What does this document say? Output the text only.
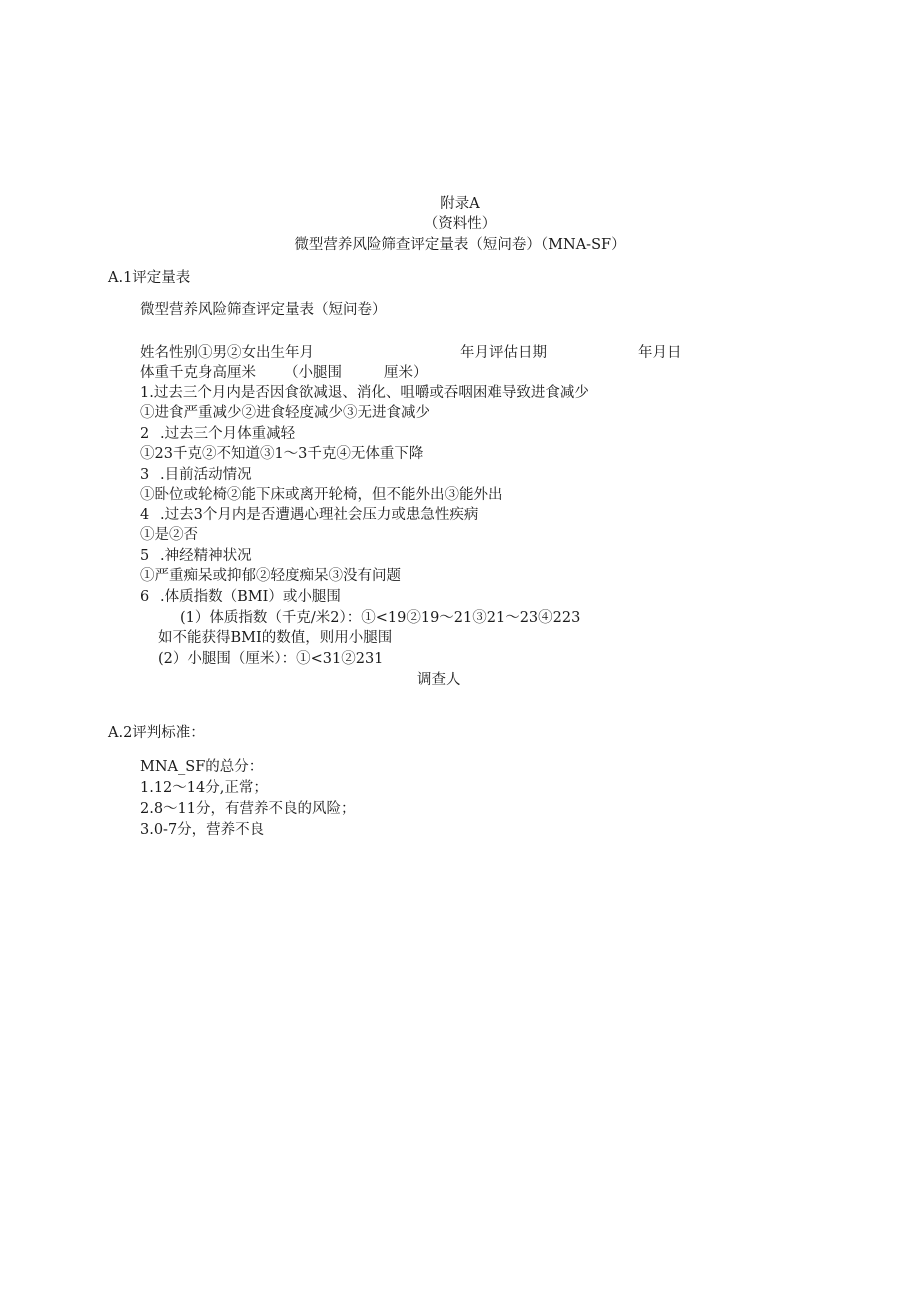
附录A
（资料性）
微型营养风险筛查评定量表（短问卷）（MNA-SF）
A.1评定量表
微型营养风险筛查评定量表（短问卷）
姓名性别①男②女出生年月	年月评估日期	年月日
体重千克身高厘米 （小腿围	厘米）
1.过去三个月内是否因食欲减退、消化、咀嚼或吞咽困难导致进食减少
①进食严重减少②进食轻度减少③无进食减少
2 .过去三个月体重减轻
①23千克②不知道③1〜3千克④无体重下降
3 .目前活动情况
①卧位或轮椅②能下床或离开轮椅，但不能外出③能外出
4 .过去3个月内是否遭遇心理社会压力或患急性疾病
①是②否
5 .神经精神状况
①严重痴呆或抑郁②轻度痴呆③没有问题
6 .体质指数（BMI）或小腿围
(1）体质指数（千克/米2）：①<19②19〜21③21〜23④223
如不能获得BMI的数值，则用小腿围
(2）小腿围（厘米）：①<31②231
调查人
A.2评判标准：
MNA_SF的总分：
1.12〜14分,正常；
2.8〜11分，有营养不良的风险；
3.0-7分，营养不良
